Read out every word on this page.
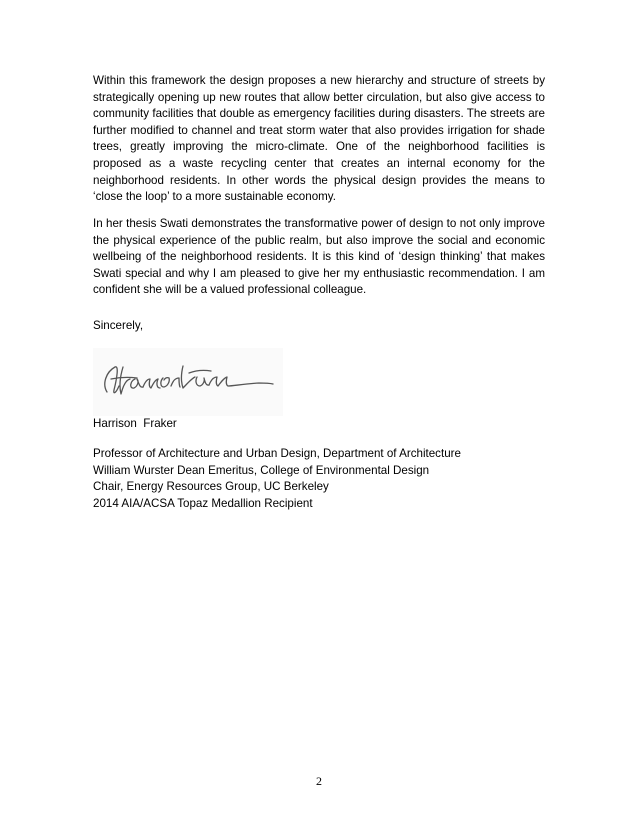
Within this framework the design proposes a new hierarchy and structure of streets by strategically opening up new routes that allow better circulation, but also give access to community facilities that double as emergency facilities during disasters. The streets are further modified to channel and treat storm water that also provides irrigation for shade trees, greatly improving the micro-climate. One of the neighborhood facilities is proposed as a waste recycling center that creates an internal economy for the neighborhood residents. In other words the physical design provides the means to ‘close the loop’ to a more sustainable economy.

In her thesis Swati demonstrates the transformative power of design to not only improve the physical experience of the public realm, but also improve the social and economic wellbeing of the neighborhood residents. It is this kind of ‘design thinking’ that makes Swati special and why I am pleased to give her my enthusiastic recommendation. I am confident she will be a valued professional colleague.

Sincerely,

Harrison  Fraker

Professor of Architecture and Urban Design, Department of Architecture
William Wurster Dean Emeritus, College of Environmental Design
Chair, Energy Resources Group, UC Berkeley
2014 AIA/ACSA Topaz Medallion Recipient
2
